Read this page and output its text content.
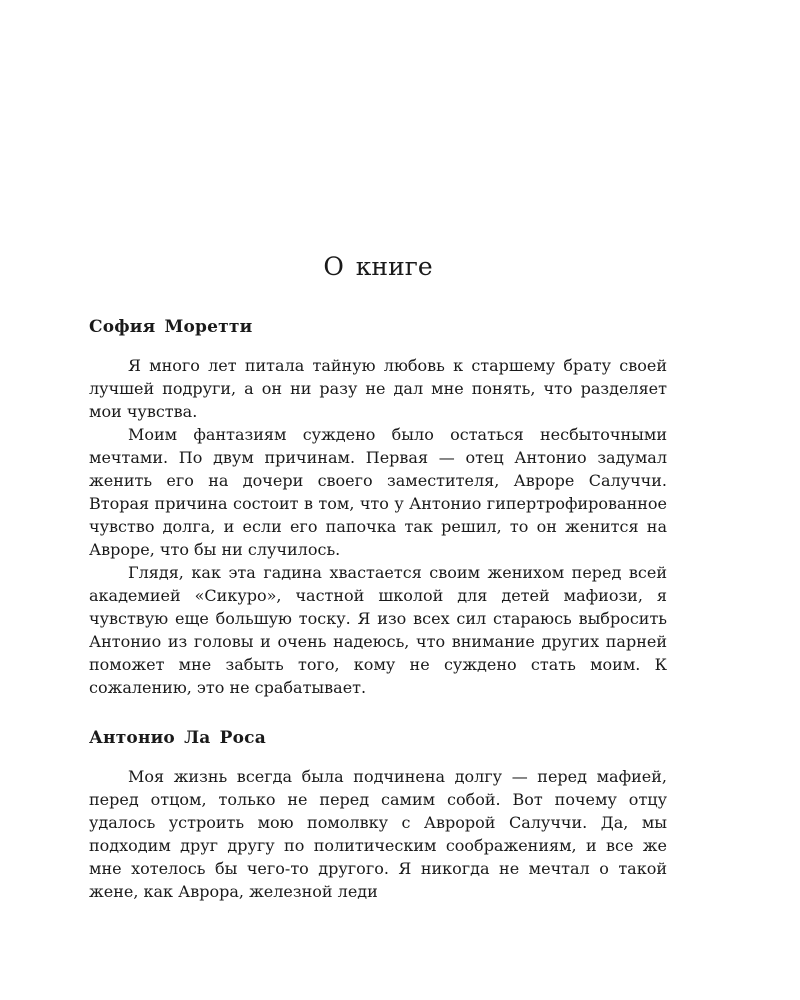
О книге
София Моретти

Я много лет питала тайную любовь к старшему брату своей лучшей подруги, а он ни разу не дал мне понять, что разделяет мои чувства.

Моим фантазиям суждено было остаться несбыточными мечтами. По двум причинам. Первая — отец Антонио задумал женить его на дочери своего заместителя, Авроре Салуччи. Вторая причина состоит в том, что у Антонио гипертрофированное чувство долга, и если его папочка так решил, то он женится на Авроре, что бы ни случилось.

Глядя, как эта гадина хвастается своим женихом перед всей академией «Сикуро», частной школой для детей мафиози, я чувствую еще большую тоску. Я изо всех сил стараюсь выбросить Антонио из головы и очень надеюсь, что внимание других парней поможет мне забыть того, кому не суждено стать моим. К сожалению, это не срабатывает.

Антонио Ла Роса

Моя жизнь всегда была подчинена долгу — перед мафией, перед отцом, только не перед самим собой. Вот почему отцу удалось устроить мою помолвку с Авророй Салуччи. Да, мы подходим друг другу по политическим соображениям, и все же мне хотелось бы чего-то другого. Я никогда не мечтал о такой жене, как Аврора, железной леди
